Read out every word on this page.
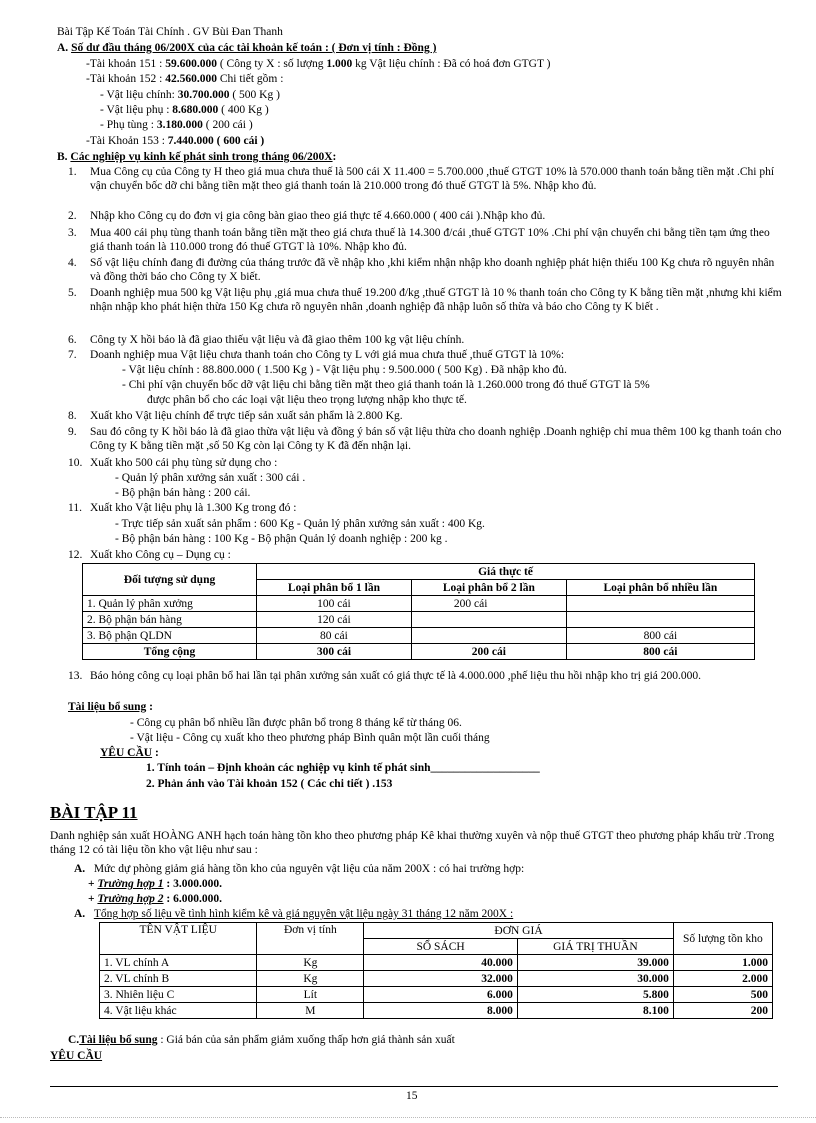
Bài Tập Kế Toán Tài Chính . GV Bùi Đan Thanh
A. Số dư đầu tháng 06/200X của các tài khoản kế toán : ( Đơn vị tính : Đồng )
-Tài khoản 151 : 59.600.000 ( Công ty X : số lượng 1.000 kg Vật liệu chính : Đã có hoá đơn GTGT )
-Tài khoản 152 : 42.560.000 Chi tiết gồm :
- Vật liệu chính: 30.700.000 ( 500 Kg )
- Vật liệu phụ : 8.680.000 ( 400 Kg )
- Phụ tùng : 3.180.000 ( 200 cái )
-Tài Khoản 153 : 7.440.000 ( 600 cái )
B. Các nghiệp vụ kinh kế phát sinh trong tháng 06/200X:
1. Mua Công cụ của Công ty H theo giá mua chưa thuế là 500 cái X 11.400 = 5.700.000 ,thuế GTGT 10% là 570.000 thanh toán bằng tiền mặt .Chi phí vận chuyển bốc dỡ chi bằng tiền mặt theo giá thanh toán là 210.000 trong đó thuế GTGT là 5%. Nhập kho đủ.
2. Nhập kho Công cụ do đơn vị gia công bàn giao theo giá thực tế 4.660.000 ( 400 cái ).Nhập kho đủ.
3. Mua 400 cái phụ tùng thanh toán bằng tiền mặt theo giá chưa thuế là 14.300 đ/cái ,thuế GTGT 10% .Chi phí vận chuyển chi bằng tiền tạm ứng theo giá thanh toán là 110.000 trong đó thuế GTGT là 10%. Nhập kho đủ.
4. Số vật liệu chính đang đi đường của tháng trước đã về nhập kho ,khi kiểm nhận nhập kho doanh nghiệp phát hiện thiếu 100 Kg chưa rõ nguyên nhân và đồng thời báo cho Công ty X biết.
5. Doanh nghiệp mua 500 kg Vật liệu phụ ,giá mua chưa thuế 19.200 đ/kg ,thuế GTGT là 10 % thanh toán cho Công ty K bằng tiền mặt ,nhưng khi kiểm nhận nhập kho phát hiện thừa 150 Kg chưa rõ nguyên nhân ,doanh nghiệp đã nhập luôn số thừa và báo cho Công ty K biết .
6. Công ty X hồi báo là đã giao thiếu vật liệu và đã giao thêm 100 kg vật liệu chính.
7. Doanh nghiệp mua Vật liệu chưa thanh toán cho Công ty L với giá mua chưa thuế ,thuế GTGT là 10%:
- Vật liệu chính : 88.800.000 ( 1.500 Kg ) - Vật liệu phụ : 9.500.000 ( 500 Kg) . Đã nhập kho đủ.
- Chi phí vận chuyển bốc dỡ vật liệu chi bằng tiền mặt theo giá thanh toán là 1.260.000 trong đó thuế GTGT là 5%
được phân bổ cho các loại vật liệu theo trọng lượng nhập kho thực tế.
8. Xuất kho Vật liệu chính để trực tiếp sản xuất sản phẩm là 2.800 Kg.
9. Sau đó công ty K hồi báo là đã giao thừa vật liệu và đồng ý bán số vật liệu thừa cho doanh nghiệp .Doanh nghiệp chỉ mua thêm 100 kg thanh toán cho Công ty K bằng tiền mặt ,số 50 Kg còn lại Công ty K đã đến nhận lại.
10. Xuất kho 500 cái phụ tùng sử dụng cho :
- Quản lý phân xưởng sản xuất : 300 cái .
- Bộ phận bán hàng : 200 cái.
11. Xuất kho Vật liệu phụ là 1.300 Kg trong đó :
- Trực tiếp sản xuất sản phẩm : 600 Kg - Quản lý phân xưởng sản xuất : 400 Kg.
- Bộ phận bán hàng : 100 Kg - Bộ phận Quản lý doanh nghiệp : 200 kg .
12. Xuất kho Công cụ – Dụng cụ :
Đối tượng sử dụng	Giá thực tế		
	Loại phân bổ 1 lần	Loại phân bổ 2 lần	Loại phân bổ nhiều lần
1. Quản lý phân xưởng	100 cái	200 cái	
2. Bộ phận bán hàng	120 cái		
3. Bộ phận QLDN	80 cái		800 cái
Tổng cộng	300 cái	200 cái	800 cái
13. Báo hỏng công cụ loại phân bổ hai lần tại phân xưởng sản xuất có giá thực tế là 4.000.000 ,phế liệu thu hồi nhập kho trị giá 200.000.
Tài liệu bổ sung :
- Công cụ phân bổ nhiều lần được phân bổ trong 8 tháng kể từ tháng 06.
- Vật liệu - Công cụ xuất kho theo phương pháp Bình quân một lần cuối tháng
YÊU CẦU :
1. Tính toán – Định khoản các nghiệp vụ kinh tế phát sinh___________________
2. Phản ánh vào Tài khoản 152 ( Các chi tiết ) .153
BÀI TẬP 11
Danh nghiệp sản xuất HOÀNG ANH hạch toán hàng tồn kho theo phương pháp Kê khai thường xuyên và nộp thuế GTGT theo phương pháp khấu trừ .Trong tháng 12 có tài liệu tồn kho vật liệu như sau :
A. Mức dự phòng giảm giá hàng tồn kho của nguyên vật liệu của năm 200X : có hai trường hợp:
+ Trường hợp 1 : 3.000.000.
+ Trường hợp 2 : 6.000.000.
A. Tổng hợp số liệu về tình hình kiểm kê và giá nguyên vật liệu ngày 31 tháng 12 năm 200X :
TÊN VẬT LIỆU	Đơn vị tính	ĐƠN GIÁ		Số lượng tồn kho
		SỔ SÁCH	GIÁ TRỊ THUẦN	
1. VL chính A	Kg	40.000	39.000	1.000
2. VL chính B	Kg	32.000	30.000	2.000
3. Nhiên liệu C	Lít	6.000	5.800	500
4. Vật liệu khác	M	8.000	8.100	200
C.Tài liệu bổ sung : Giá bán của sản phẩm giảm xuống thấp hơn giá thành sản xuất
YÊU CẦU
15
